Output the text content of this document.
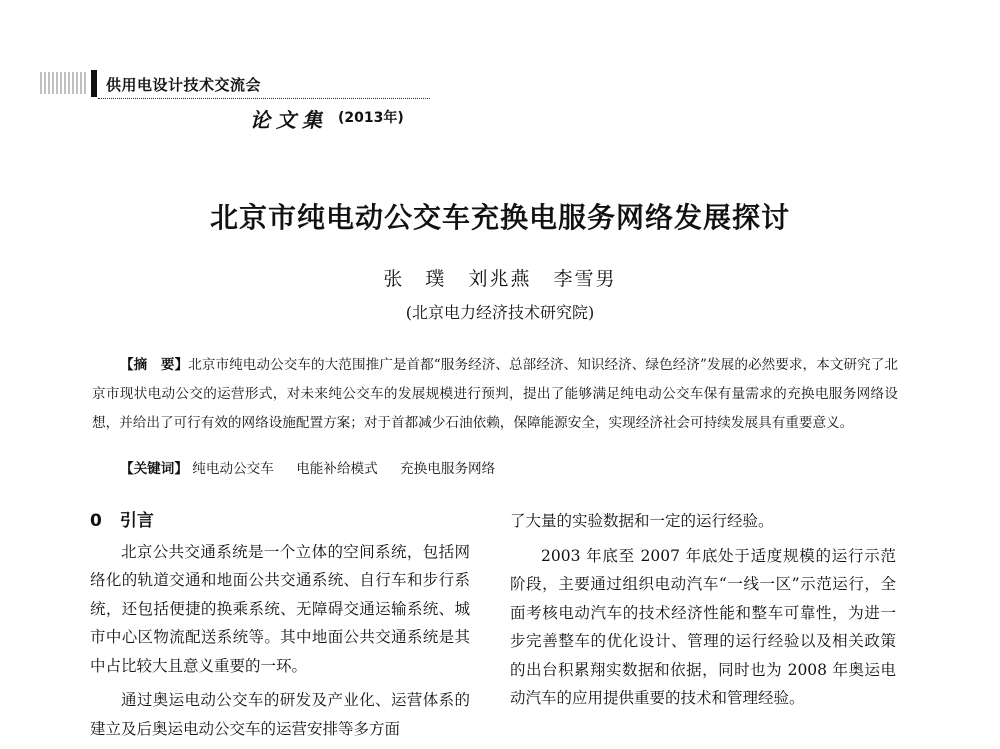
供用电设计技术交流会
论文集 (2013年)
北京市纯电动公交车充换电服务网络发展探讨
张　璞 刘兆燕 李雪男
(北京电力经济技术研究院)
【摘　要】北京市纯电动公交车的大范围推广是首都“服务经济、总部经济、知识经济、绿色经济”发展的必然要求，本文研究了北京市现状电动公交的运营形式，对未来纯公交车的发展规模进行预判，提出了能够满足纯电动公交车保有量需求的充换电服务网络设想，并给出了可行有效的网络设施配置方案；对于首都减少石油依赖，保障能源安全，实现经济社会可持续发展具有重要意义。
【关键词】 纯电动公交车 电能补给模式 充换电服务网络
0 引言

北京公共交通系统是一个立体的空间系统，包括网络化的轨道交通和地面公共交通系统、自行车和步行系统，还包括便捷的换乘系统、无障碍交通运输系统、城市中心区物流配送系统等。其中地面公共交通系统是其中占比较大且意义重要的一环。

通过奥运电动公交车的研发及产业化、运营体系的建立及后奥运电动公交车的运营安排等多方面

了大量的实验数据和一定的运行经验。

2003 年底至 2007 年底处于适度规模的运行示范阶段，主要通过组织电动汽车“一线一区”示范运行，全面考核电动汽车的技术经济性能和整车可靠性，为进一步完善整车的优化设计、管理的运行经验以及相关政策的出台积累翔实数据和依据，同时也为 2008 年奥运电动汽车的应用提供重要的技术和管理经验。
